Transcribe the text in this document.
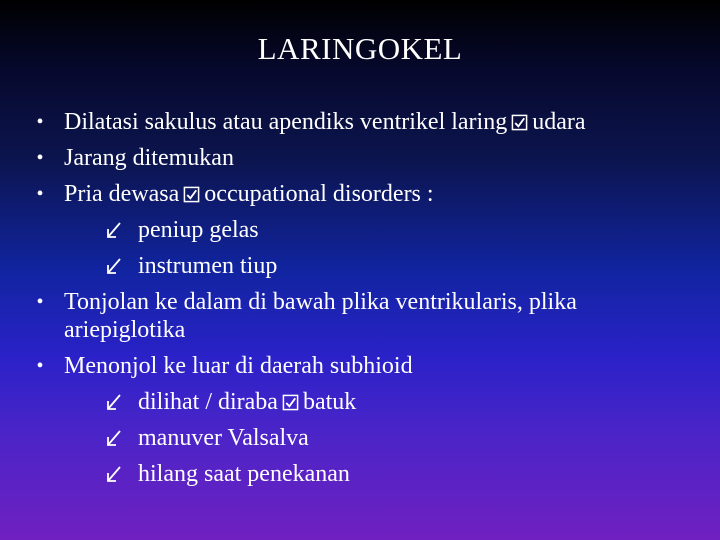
LARINGOKEL
• Dilatasi sakulus atau apendiks ventrikel laring udara
• Jarang ditemukan
• Pria dewasa occupational disorders :
peniup gelas
instrumen tiup
• Tonjolan ke dalam di bawah plika ventrikularis, plika ariepiglotika
• Menonjol ke luar di daerah subhioid
dilihat / diraba batuk
manuver Valsalva
hilang saat penekanan
